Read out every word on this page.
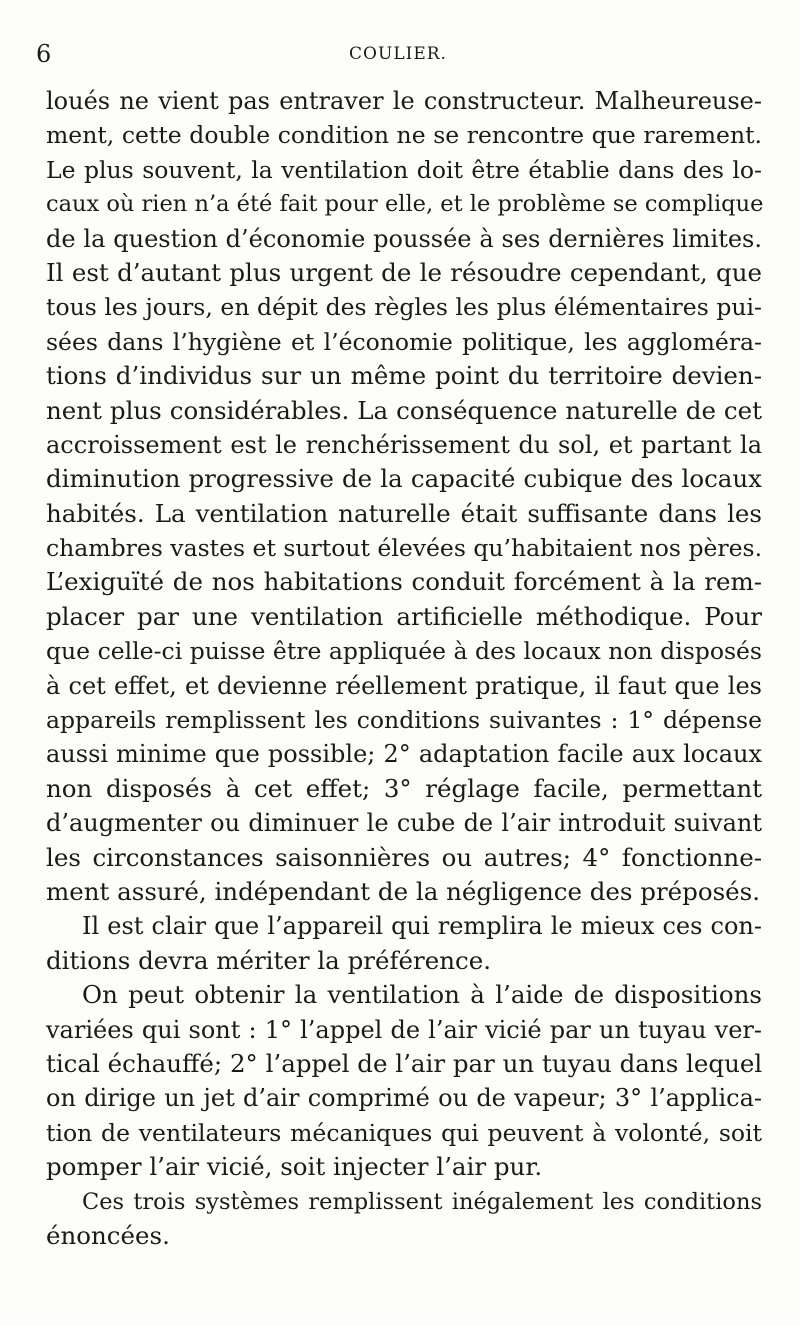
6	COULIER.
loués ne vient pas entraver le constructeur. Malheureuse-
ment, cette double condition ne se rencontre que rarement.
Le plus souvent, la ventilation doit être établie dans des lo-
caux où rien n’a été fait pour elle, et le problème se complique
de la question d’économie poussée à ses dernières limites.
Il est d’autant plus urgent de le résoudre cependant, que
tous les jours, en dépit des règles les plus élémentaires pui-
sées dans l’hygiène et l’économie politique, les aggloméra-
tions d’individus sur un même point du territoire devien-
nent plus considérables. La conséquence naturelle de cet
accroissement est le renchérissement du sol, et partant la
diminution progressive de la capacité cubique des locaux
habités. La ventilation naturelle était suffisante dans les
chambres vastes et surtout élevées qu’habitaient nos pères.
L’exiguïté de nos habitations conduit forcément à la rem-
placer par une ventilation artificielle méthodique. Pour
que celle-ci puisse être appliquée à des locaux non disposés
à cet effet, et devienne réellement pratique, il faut que les
appareils remplissent les conditions suivantes : 1° dépense
aussi minime que possible; 2° adaptation facile aux locaux
non disposés à cet effet; 3° réglage facile, permettant
d’augmenter ou diminuer le cube de l’air introduit suivant
les circonstances saisonnières ou autres; 4° fonctionne-
ment assuré, indépendant de la négligence des préposés.
Il est clair que l’appareil qui remplira le mieux ces con-
ditions devra mériter la préférence.
On peut obtenir la ventilation à l’aide de dispositions
variées qui sont : 1° l’appel de l’air vicié par un tuyau ver-
tical échauffé; 2° l’appel de l’air par un tuyau dans lequel
on dirige un jet d’air comprimé ou de vapeur; 3° l’applica-
tion de ventilateurs mécaniques qui peuvent à volonté, soit
pomper l’air vicié, soit injecter l’air pur.
Ces trois systèmes remplissent inégalement les conditions
énoncées.
